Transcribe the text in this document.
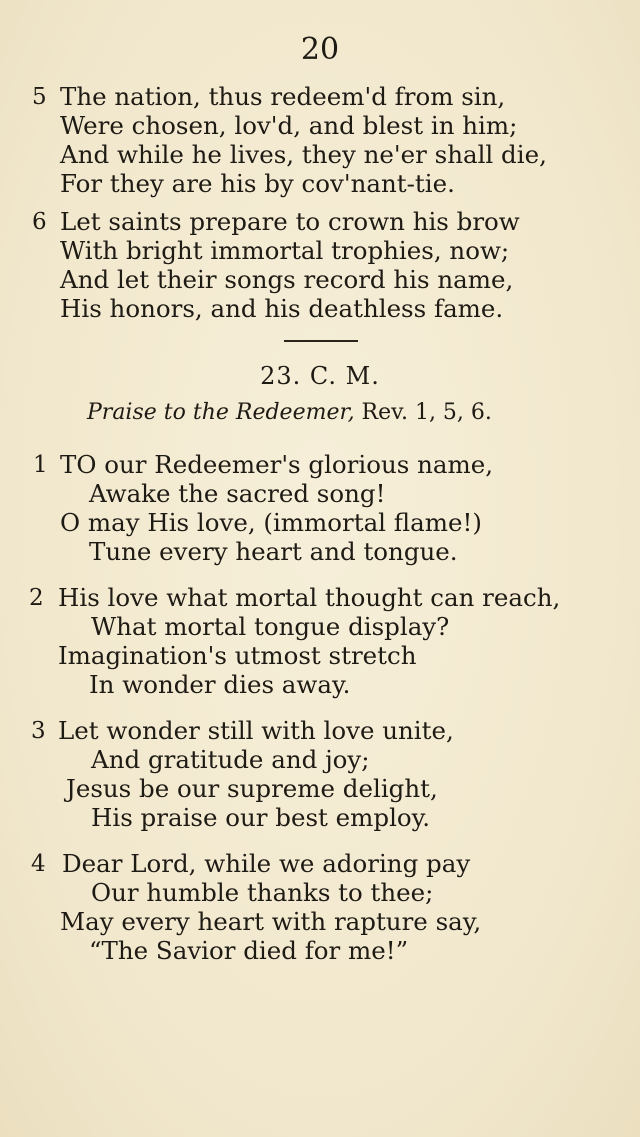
20
5 The nation, thus redeem'd from sin,
Were chosen, lov'd, and blest in him;
And while he lives, they ne'er shall die,
For they are his by cov'nant-tie.
6 Let saints prepare to crown his brow
With bright immortal trophies, now;
And let their songs record his name,
His honors, and his deathless fame.
23. C. M.
Praise to the Redeemer, Rev. 1, 5, 6.
1 TO our Redeemer's glorious name,
Awake the sacred song!
O may His love, (immortal flame!)
Tune every heart and tongue.
2 His love what mortal thought can reach,
What mortal tongue display?
Imagination's utmost stretch
In wonder dies away.
3 Let wonder still with love unite,
And gratitude and joy;
Jesus be our supreme delight,
His praise our best employ.
4 Dear Lord, while we adoring pay
Our humble thanks to thee;
May every heart with rapture say,
“The Savior died for me!”
